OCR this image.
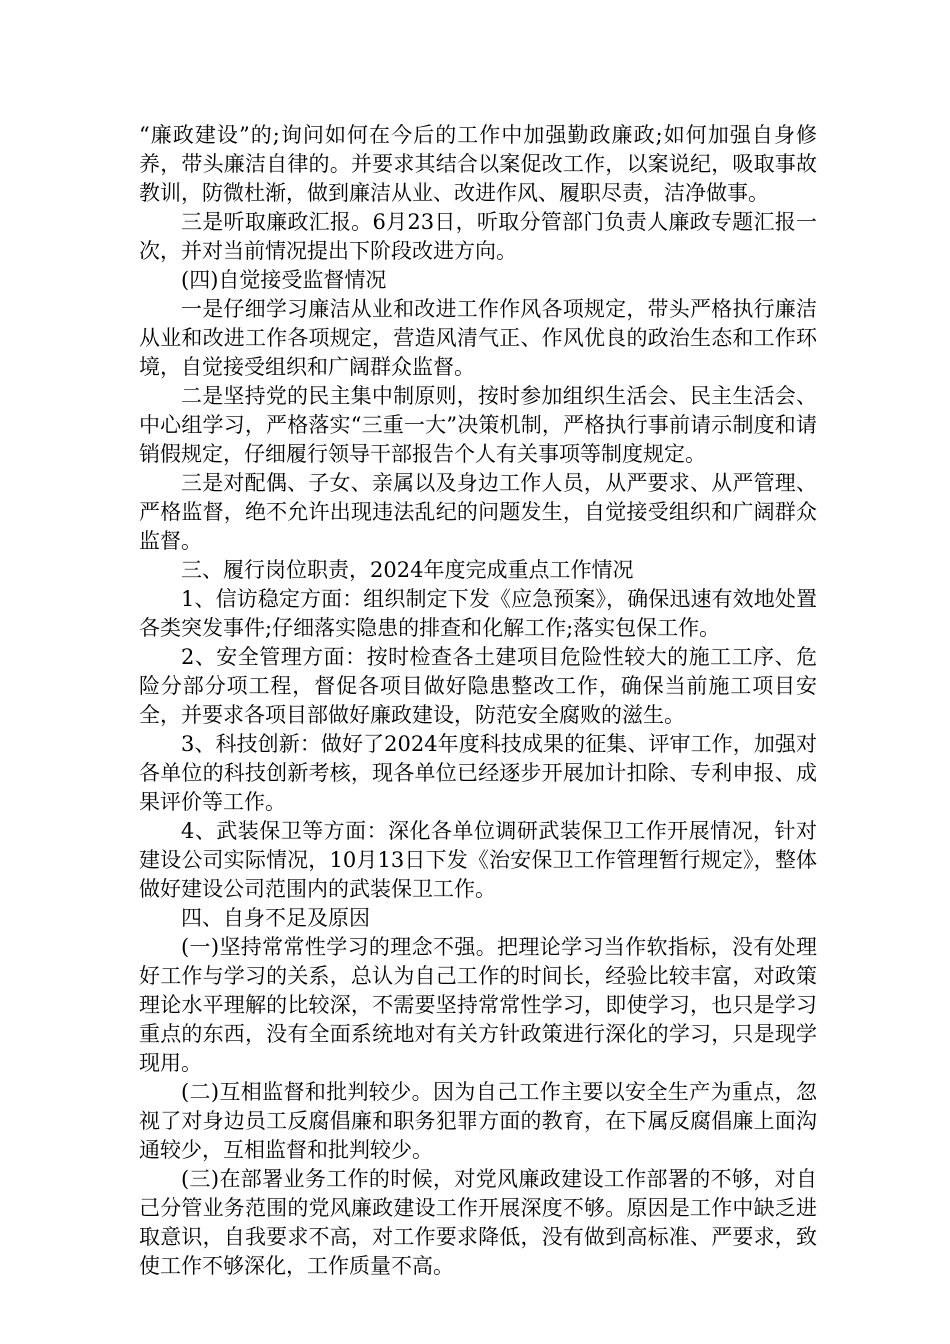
“廉政建设”的;询问如何在今后的工作中加强勤政廉政;如何加强自身修养，带头廉洁自律的。并要求其结合以案促改工作，以案说纪，吸取事故教训，防微杜渐，做到廉洁从业、改进作风、履职尽责，洁净做事。

三是听取廉政汇报。6月23日，听取分管部门负责人廉政专题汇报一次，并对当前情况提出下阶段改进方向。

(四)自觉接受监督情况

一是仔细学习廉洁从业和改进工作作风各项规定，带头严格执行廉洁从业和改进工作各项规定，营造风清气正、作风优良的政治生态和工作环境，自觉接受组织和广阔群众监督。

二是坚持党的民主集中制原则，按时参加组织生活会、民主生活会、中心组学习，严格落实“三重一大”决策机制，严格执行事前请示制度和请销假规定，仔细履行领导干部报告个人有关事项等制度规定。

三是对配偶、子女、亲属以及身边工作人员，从严要求、从严管理、严格监督，绝不允许出现违法乱纪的问题发生，自觉接受组织和广阔群众监督。

三、履行岗位职责，2024年度完成重点工作情况

1、信访稳定方面：组织制定下发《应急预案》，确保迅速有效地处置各类突发事件;仔细落实隐患的排查和化解工作;落实包保工作。

2、安全管理方面：按时检查各土建项目危险性较大的施工工序、危险分部分项工程，督促各项目做好隐患整改工作，确保当前施工项目安全，并要求各项目部做好廉政建设，防范安全腐败的滋生。

3、科技创新：做好了2024年度科技成果的征集、评审工作，加强对各单位的科技创新考核，现各单位已经逐步开展加计扣除、专利申报、成果评价等工作。

4、武装保卫等方面：深化各单位调研武装保卫工作开展情况，针对建设公司实际情况，10月13日下发《治安保卫工作管理暂行规定》，整体做好建设公司范围内的武装保卫工作。

四、自身不足及原因

(一)坚持常常性学习的理念不强。把理论学习当作软指标，没有处理好工作与学习的关系，总认为自己工作的时间长，经验比较丰富，对政策理论水平理解的比较深，不需要坚持常常性学习，即使学习，也只是学习重点的东西，没有全面系统地对有关方针政策进行深化的学习，只是现学现用。

(二)互相监督和批判较少。因为自己工作主要以安全生产为重点，忽视了对身边员工反腐倡廉和职务犯罪方面的教育，在下属反腐倡廉上面沟通较少，互相监督和批判较少。

(三)在部署业务工作的时候，对党风廉政建设工作部署的不够，对自己分管业务范围的党风廉政建设工作开展深度不够。原因是工作中缺乏进取意识，自我要求不高，对工作要求降低，没有做到高标准、严要求，致使工作不够深化，工作质量不高。
